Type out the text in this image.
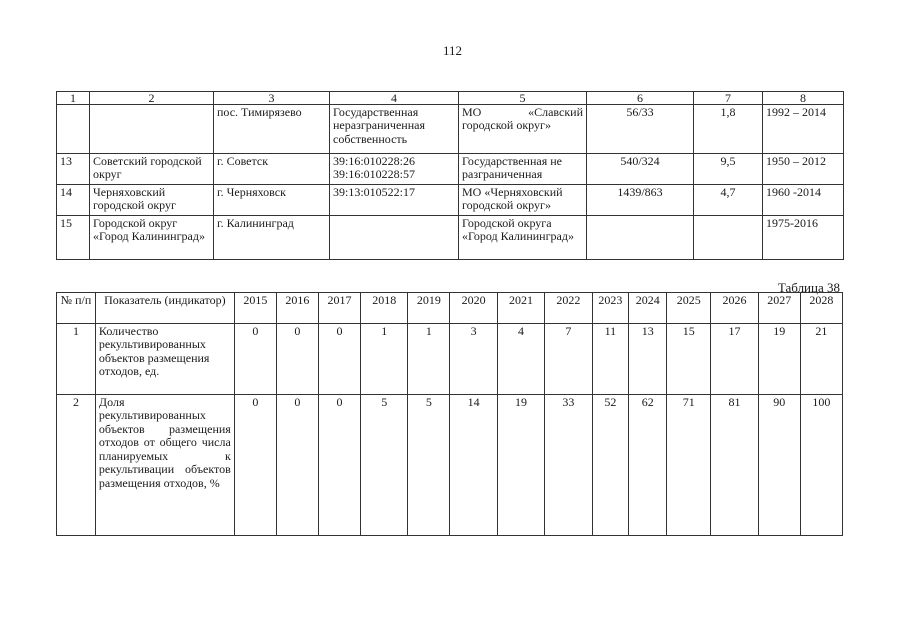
112
1	2	3	4	5	6	7	8
		пос. Тимирязево	Государственная неразграниченная собственность	МО «Славский городской округ»	56/33	1,8	1992 – 2014
13	Советский городской округ	г. Советск	39:16:010228:26 39:16:010228:57	Государственная не разграниченная	540/324	9,5	1950 – 2012
14	Черняховский городской округ	г. Черняховск	39:13:010522:17	МО «Черняховский городской округ»	1439/863	4,7	1960 -2014
15	Городской округ «Город Калининград»	г. Калининград		Городской округа «Город Калининград»			1975-2016
Таблица 38
№ п/п	Показатель (индикатор)	2015	2016	2017	2018	2019	2020	2021	2022	2023	2024	2025	2026	2027	2028
1	Количество рекультивированных объектов размещения отходов, ед.	0	0	0	1	1	3	4	7	11	13	15	17	19	21
2	Доля рекультивированных объектов размещения отходов от общего числа планируемых к рекультивации объектов размещения отходов, %	0	0	0	5	5	14	19	33	52	62	71	81	90	100
